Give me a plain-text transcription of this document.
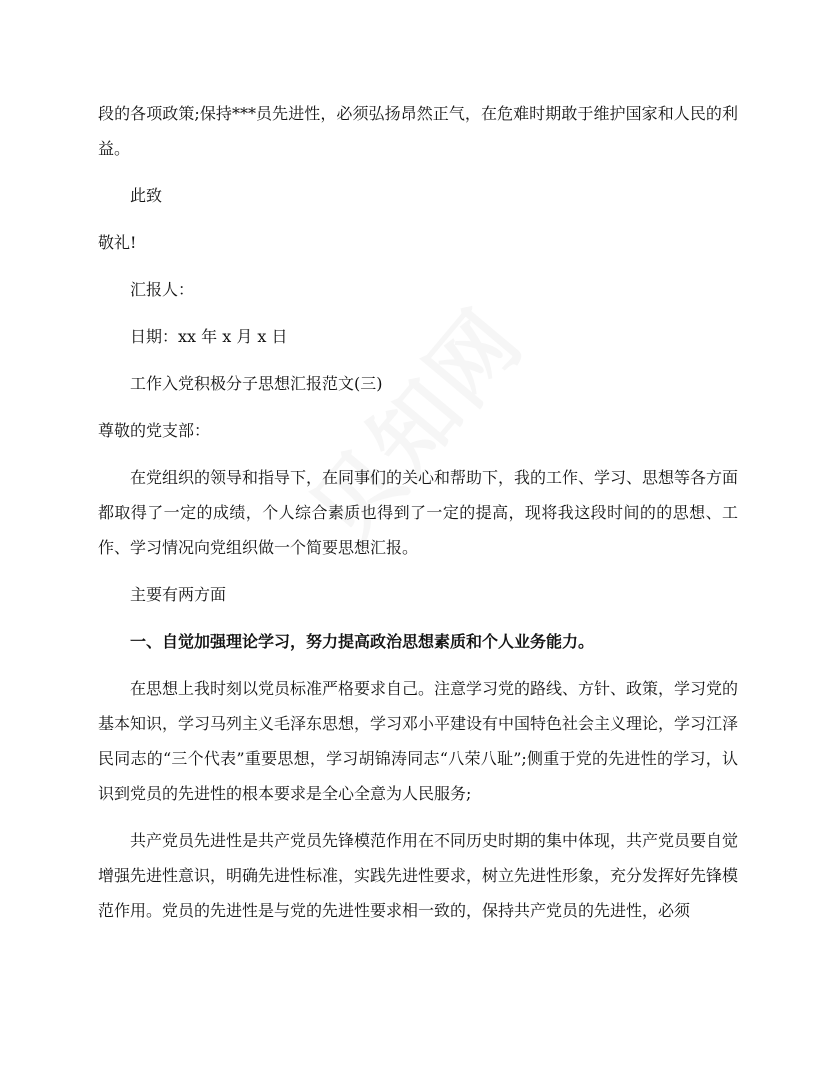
段的各项政策;保持***员先进性，必须弘扬昂然正气，在危难时期敢于维护国家和人民的利益。

此致

敬礼!

汇报人：

日期：xx 年 x 月 x 日

工作入党积极分子思想汇报范文(三)

尊敬的党支部：

在党组织的领导和指导下，在同事们的关心和帮助下，我的工作、学习、思想等各方面都取得了一定的成绩，个人综合素质也得到了一定的提高，现将我这段时间的的思想、工作、学习情况向党组织做一个简要思想汇报。

主要有两方面

一、自觉加强理论学习，努力提高政治思想素质和个人业务能力。

在思想上我时刻以党员标准严格要求自己。注意学习党的路线、方针、政策，学习党的基本知识，学习马列主义毛泽东思想，学习邓小平建设有中国特色社会主义理论，学习江泽民同志的“三个代表”重要思想，学习胡锦涛同志“八荣八耻”;侧重于党的先进性的学习，认识到党员的先进性的根本要求是全心全意为人民服务;

共产党员先进性是共产党员先锋模范作用在不同历史时期的集中体现，共产党员要自觉增强先进性意识，明确先进性标准，实践先进性要求，树立先进性形象，充分发挥好先锋模范作用。党员的先进性是与党的先进性要求相一致的，保持共产党员的先进性，必须
